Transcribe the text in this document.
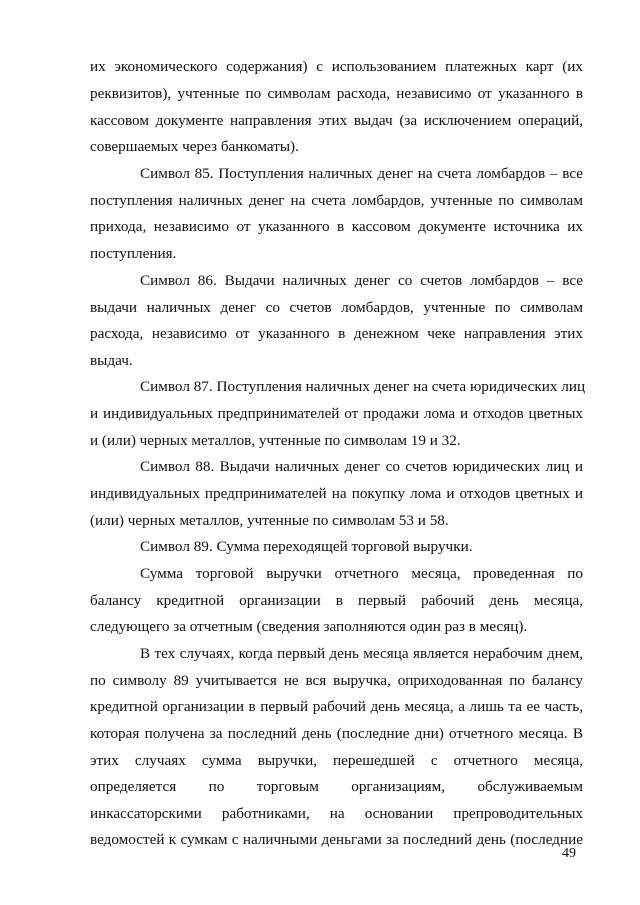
их экономического содержания) с использованием платежных карт (их
реквизитов), учтенные по символам расхода, независимо от указанного в
кассовом документе направления этих выдач (за исключением операций,
совершаемых через банкоматы).
Символ 85. Поступления наличных денег на счета ломбардов – все
поступления наличных денег на счета ломбардов, учтенные по символам
прихода, независимо от указанного в кассовом документе источника их
поступления.
Символ 86. Выдачи наличных денег со счетов ломбардов – все
выдачи наличных денег со счетов ломбардов, учтенные по символам
расхода, независимо от указанного в денежном чеке направления этих
выдач.
Символ 87. Поступления наличных денег на счета юридических лиц
и индивидуальных предпринимателей от продажи лома и отходов цветных
и (или) черных металлов, учтенные по символам 19 и 32.
Символ 88. Выдачи наличных денег со счетов юридических лиц и
индивидуальных предпринимателей на покупку лома и отходов цветных и
(или) черных металлов, учтенные по символам 53 и 58.
Символ 89. Сумма переходящей торговой выручки.
Сумма торговой выручки отчетного месяца, проведенная по
балансу кредитной организации в первый рабочий день месяца,
следующего за отчетным (сведения заполняются один раз в месяц).
В тех случаях, когда первый день месяца является нерабочим днем,
по символу 89 учитывается не вся выручка, оприходованная по балансу
кредитной организации в первый рабочий день месяца, а лишь та ее часть,
которая получена за последний день (последние дни) отчетного месяца. В
этих случаях сумма выручки, перешедшей с отчетного месяца,
определяется по торговым организациям, обслуживаемым
инкассаторскими работниками, на основании препроводительных
ведомостей к сумкам с наличными деньгами за последний день (последние
49
